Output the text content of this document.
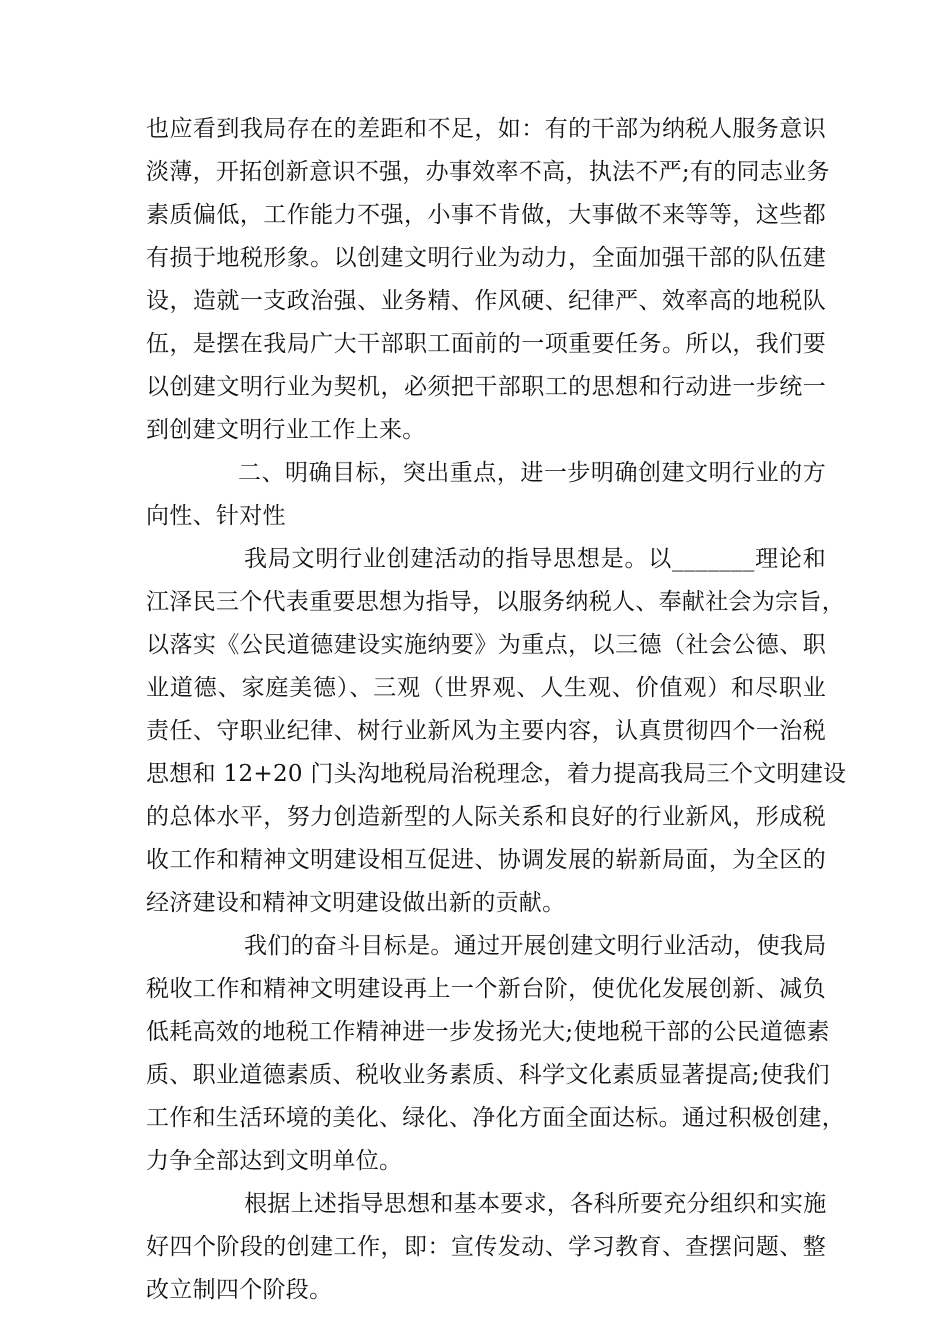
也应看到我局存在的差距和不足，如：有的干部为纳税人服务意识
淡薄，开拓创新意识不强，办事效率不高，执法不严;有的同志业务
素质偏低，工作能力不强，小事不肯做，大事做不来等等，这些都
有损于地税形象。以创建文明行业为动力，全面加强干部的队伍建
设，造就一支政治强、业务精、作风硬、纪律严、效率高的地税队
伍，是摆在我局广大干部职工面前的一项重要任务。所以，我们要
以创建文明行业为契机，必须把干部职工的思想和行动进一步统一
到创建文明行业工作上来。
二、明确目标，突出重点，进一步明确创建文明行业的方
向性、针对性
我局文明行业创建活动的指导思想是。以_______理论和
江泽民三个代表重要思想为指导，以服务纳税人、奉献社会为宗旨，
以落实《公民道德建设实施纳要》为重点，以三德（社会公德、职
业道德、家庭美德）、三观（世界观、人生观、价值观）和尽职业
责任、守职业纪律、树行业新风为主要内容，认真贯彻四个一治税
思想和 12+20 门头沟地税局治税理念，着力提高我局三个文明建设
的总体水平，努力创造新型的人际关系和良好的行业新风，形成税
收工作和精神文明建设相互促进、协调发展的崭新局面，为全区的
经济建设和精神文明建设做出新的贡献。
我们的奋斗目标是。通过开展创建文明行业活动，使我局
税收工作和精神文明建设再上一个新台阶，使优化发展创新、减负
低耗高效的地税工作精神进一步发扬光大;使地税干部的公民道德素
质、职业道德素质、税收业务素质、科学文化素质显著提高;使我们
工作和生活环境的美化、绿化、净化方面全面达标。通过积极创建，
力争全部达到文明单位。
根据上述指导思想和基本要求，各科所要充分组织和实施
好四个阶段的创建工作，即：宣传发动、学习教育、查摆问题、整
改立制四个阶段。
